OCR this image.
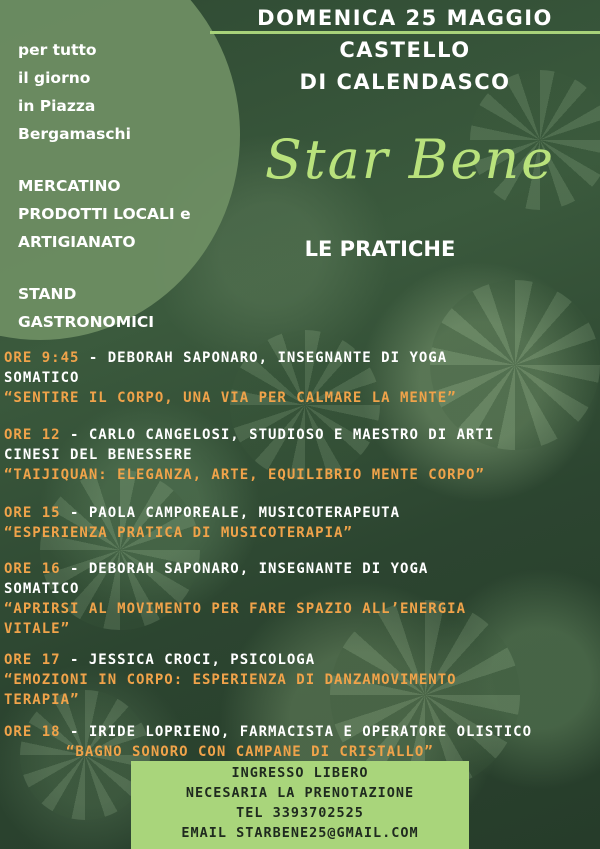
per tutto
il giorno
in Piazza
Bergamaschi
MERCATINO
PRODOTTI LOCALI e
ARTIGIANATO
STAND
GASTRONOMICI
DOMENICA 25 MAGGIO
CASTELLO
DI CALENDASCO
Star Bene
LE PRATICHE
ORE 9:45 - DEBORAH SAPONARO, INSEGNANTE DI YOGA
SOMATICO
“SENTIRE IL CORPO, UNA VIA PER CALMARE LA MENTE”
ORE 12 - CARLO CANGELOSI, STUDIOSO E MAESTRO DI ARTI
CINESI DEL BENESSERE
“TAIJIQUAN: ELEGANZA, ARTE, EQUILIBRIO MENTE CORPO”
ORE 15 - PAOLA CAMPOREALE, MUSICOTERAPEUTA
“ESPERIENZA PRATICA DI MUSICOTERAPIA”
ORE 16 - DEBORAH SAPONARO, INSEGNANTE DI YOGA
SOMATICO
“APRIRSI AL MOVIMENTO PER FARE SPAZIO ALL’ENERGIA
VITALE”
ORE 17 - JESSICA CROCI, PSICOLOGA
“EMOZIONI IN CORPO: ESPERIENZA DI DANZAMOVIMENTO
TERAPIA”
ORE 18 - IRIDE LOPRIENO, FARMACISTA E OPERATORE OLISTICO
“BAGNO SONORO CON CAMPANE DI CRISTALLO”
INGRESSO LIBERO
NECESARIA LA PRENOTAZIONE
TEL 3393702525
EMAIL STARBENE25@GMAIL.COM
